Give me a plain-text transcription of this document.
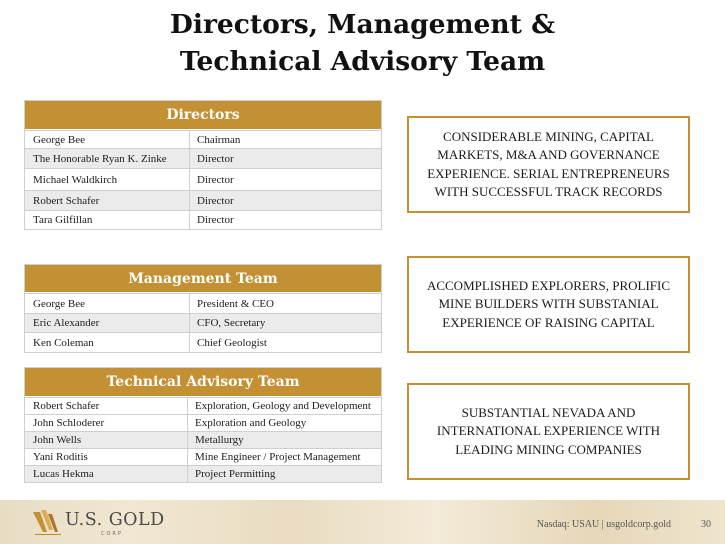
Directors, Management &
Technical Advisory Team
Directors
George Bee	Chairman
The Honorable Ryan K. Zinke	Director
Michael Waldkirch	Director
Robert Schafer	Director
Tara Gilfillan	Director
Management Team
George Bee	President & CEO
Eric Alexander	CFO, Secretary
Ken Coleman	Chief Geologist
Technical Advisory Team
Robert Schafer	Exploration, Geology and Development
John Schloderer	Exploration and Geology
John Wells	Metallurgy
Yani Roditis	Mine Engineer / Project Management
Lucas Hekma	Project Permitting
CONSIDERABLE MINING, CAPITAL MARKETS, M&A AND GOVERNANCE EXPERIENCE. SERIAL ENTREPRENEURS WITH SUCCESSFUL TRACK RECORDS
ACCOMPLISHED EXPLORERS, PROLIFIC MINE BUILDERS WITH SUBSTANIAL EXPERIENCE OF RAISING CAPITAL
SUBSTANTIAL NEVADA AND INTERNATIONAL EXPERIENCE WITH LEADING MINING COMPANIES
U.S. GOLD
CORP
Nasdaq: USAU | usgoldcorp.gold	30
